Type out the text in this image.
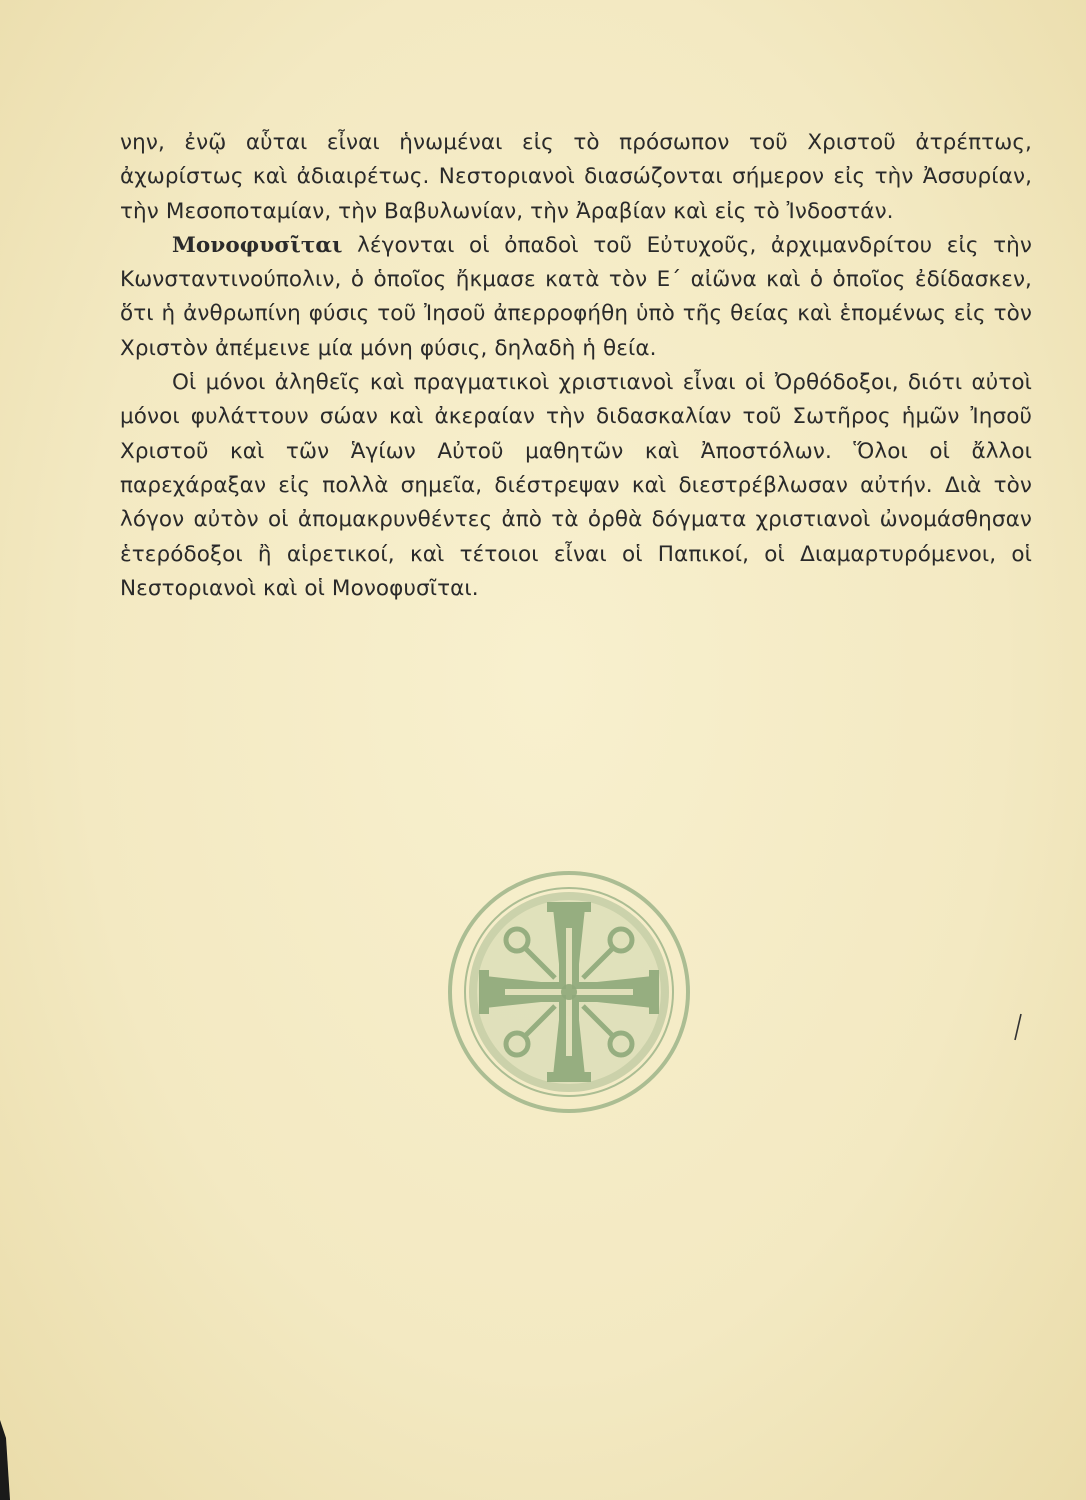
νην, ἐνῷ αὗται εἶναι ἡνωμέναι εἰς τὸ πρόσωπον τοῦ Χριστοῦ ἀτρέπτως, ἀχωρίστως καὶ ἀδιαιρέτως. Νεστοριανοὶ διασώζονται σήμερον εἰς τὴν Ἀσσυρίαν, τὴν Μεσοποταμίαν, τὴν Βαβυλωνίαν, τὴν Ἀραβίαν καὶ εἰς τὸ Ἰνδοστάν.

Μονοφυσῖται λέγονται οἱ ὀπαδοὶ τοῦ Εὐτυχοῦς, ἀρχιμανδρίτου εἰς τὴν Κωνσταντινούπολιν, ὁ ὁποῖος ἤκμασε κατὰ τὸν Ε΄ αἰῶνα καὶ ὁ ὁποῖος ἐδίδασκεν, ὅτι ἡ ἀνθρωπίνη φύσις τοῦ Ἰησοῦ ἀπερροφήθη ὑπὸ τῆς θείας καὶ ἑπομένως εἰς τὸν Χριστὸν ἀπέμεινε μία μόνη φύσις, δηλαδὴ ἡ θεία.

Οἱ μόνοι ἀληθεῖς καὶ πραγματικοὶ χριστιανοὶ εἶναι οἱ Ὀρθόδοξοι, διότι αὐτοὶ μόνοι φυλάττουν σώαν καὶ ἀκεραίαν τὴν διδασκαλίαν τοῦ Σωτῆρος ἡμῶν Ἰησοῦ Χριστοῦ καὶ τῶν Ἁγίων Αὐτοῦ μαθητῶν καὶ Ἀποστόλων. Ὅλοι οἱ ἄλλοι παρεχάραξαν εἰς πολλὰ σημεῖα, διέστρεψαν καὶ διεστρέβλωσαν αὐτήν. Διὰ τὸν λόγον αὐτὸν οἱ ἀπομακρυνθέντες ἀπὸ τὰ ὀρθὰ δόγματα χριστιανοὶ ὠνομάσθησαν ἑτερόδοξοι ἢ αἱρετικοί, καὶ τέτοιοι εἶναι οἱ Παπικοί, οἱ Διαμαρτυρόμενοι, οἱ Νεστοριανοὶ καὶ οἱ Μονοφυσῖται.
